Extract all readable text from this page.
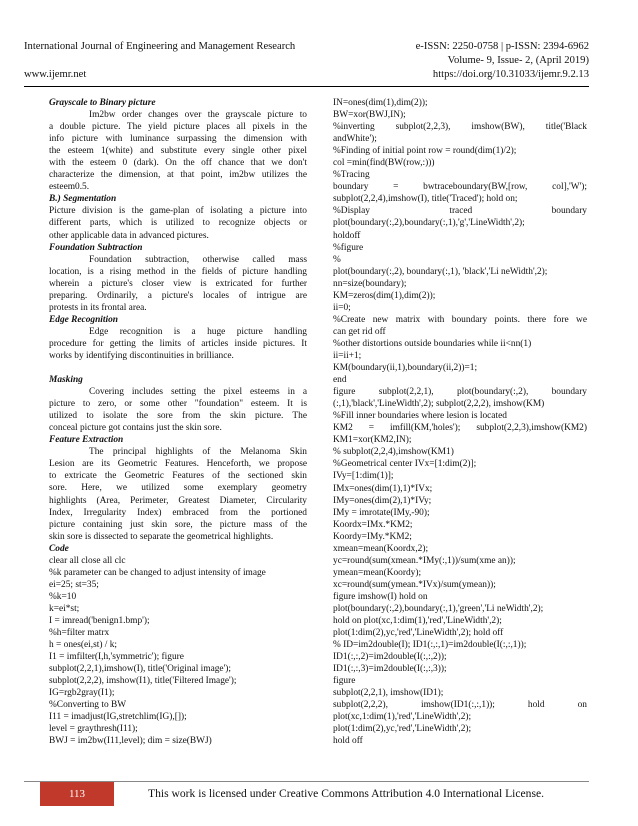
International Journal of Engineering and Management Research
www.ijemr.net
e-ISSN: 2250-0758 | p-ISSN: 2394-6962
Volume- 9, Issue- 2, (April 2019)
https://doi.org/10.31033/ijemr.9.2.13
Grayscale to Binary picture
Im2bw order changes over the grayscale picture to
a double picture. The yield picture places all pixels in the
info picture with luminance surpassing the dimension with
the esteem 1(white) and substitute every single other pixel
with the esteem 0 (dark). On the off chance that we don't
characterize the dimension, at that point, im2bw utilizes the
esteem0.5.
B.) Segmentation
Picture division is the game-plan of isolating a picture into
different parts, which is utilized to recognize objects or
other applicable data in advanced pictures.
Foundation Subtraction
Foundation subtraction, otherwise called mass
location, is a rising method in the fields of picture handling
wherein a picture's closer view is extricated for further
preparing. Ordinarily, a picture's locales of intrigue are
protests in its frontal area.
Edge Recognition
Edge recognition is a huge picture handling
procedure for getting the limits of articles inside pictures. It
works by identifying discontinuities in brilliance.
Masking
Covering includes setting the pixel esteems in a
picture to zero, or some other "foundation" esteem. It is
utilized to isolate the sore from the skin picture. The
conceal picture got contains just the skin sore.
Feature Extraction
The principal highlights of the Melanoma Skin
Lesion are its Geometric Features. Henceforth, we propose
to extricate the Geometric Features of the sectioned skin
sore. Here, we utilized some exemplary geometry
highlights (Area, Perimeter, Greatest Diameter, Circularity
Index, Irregularity Index) embraced from the portioned
picture containing just skin sore, the picture mass of the
skin sore is dissected to separate the geometrical highlights.
Code
clear all close all clc
%k parameter can be changed to adjust intensity of image
ei=25; st=35;
%k=10
k=ei*st;
I = imread('benign1.bmp');
%h=filter matrx
h = ones(ei,st) / k;
I1 = imfilter(I,h,'symmetric'); figure
subplot(2,2,1),imshow(I), title('Original image');
subplot(2,2,2), imshow(I1), title('Filtered Image');
IG=rgb2gray(I1);
%Converting to BW
I11 = imadjust(IG,stretchlim(IG),[]);
level = graythresh(I11);
BWJ = im2bw(I11,level); dim = size(BWJ)
IN=ones(dim(1),dim(2));
BW=xor(BWJ,IN);
%inverting subplot(2,2,3), imshow(BW), title('Black
andWhite');
%Finding of initial point row = round(dim(1)/2);
col =min(find(BW(row,:)))
%Tracing
boundary = bwtraceboundary(BW,[row, col],'W');
subplot(2,2,4),imshow(I), title('Traced'); hold on;
%Display traced boundary
plot(boundary(:,2),boundary(:,1),'g','LineWidth',2);
holdoff
%figure
%
plot(boundary(:,2), boundary(:,1), 'black','Li neWidth',2);
nn=size(boundary);
KM=zeros(dim(1),dim(2));
ii=0;
%Create new matrix with boundary points. there fore we
can get rid off
%other distortions outside boundaries while ii<nn(1)
ii=ii+1;
KM(boundary(ii,1),boundary(ii,2))=1;
end
figure subplot(2,2,1), plot(boundary(:,2), boundary
(:,1),'black','LineWidth',2); subplot(2,2,2), imshow(KM)
%Fill inner boundaries where lesion is located
KM2 = imfill(KM,'holes'); subplot(2,2,3),imshow(KM2)
KM1=xor(KM2,IN);
% subplot(2,2,4),imshow(KM1)
%Geometrical center IVx=[1:dim(2)];
IVy=[1:dim(1)];
IMx=ones(dim(1),1)*IVx;
IMy=ones(dim(2),1)*IVy;
IMy = imrotate(IMy,-90);
Koordx=IMx.*KM2;
Koordy=IMy.*KM2;
xmean=mean(Koordx,2);
yc=round(sum(xmean.*IMy(:,1))/sum(xme an));
ymean=mean(Koordy);
xc=round(sum(ymean.*IVx)/sum(ymean));
figure imshow(I) hold on
plot(boundary(:,2),boundary(:,1),'green','Li neWidth',2);
hold on plot(xc,1:dim(1),'red','LineWidth',2);
plot(1:dim(2),yc,'red','LineWidth',2); hold off
% ID=im2double(I); ID1(:,:,1)=im2double(I(:,:,1));
ID1(:,:,2)=im2double(I(:,:,2));
ID1(:,:,3)=im2double(I(:,:,3));
figure
subplot(2,2,1), imshow(ID1);
subplot(2,2,2), imshow(ID1(:,:,1)); hold on
plot(xc,1:dim(1),'red','LineWidth',2);
plot(1:dim(2),yc,'red','LineWidth',2);
hold off
113	This work is licensed under Creative Commons Attribution 4.0 International License.
